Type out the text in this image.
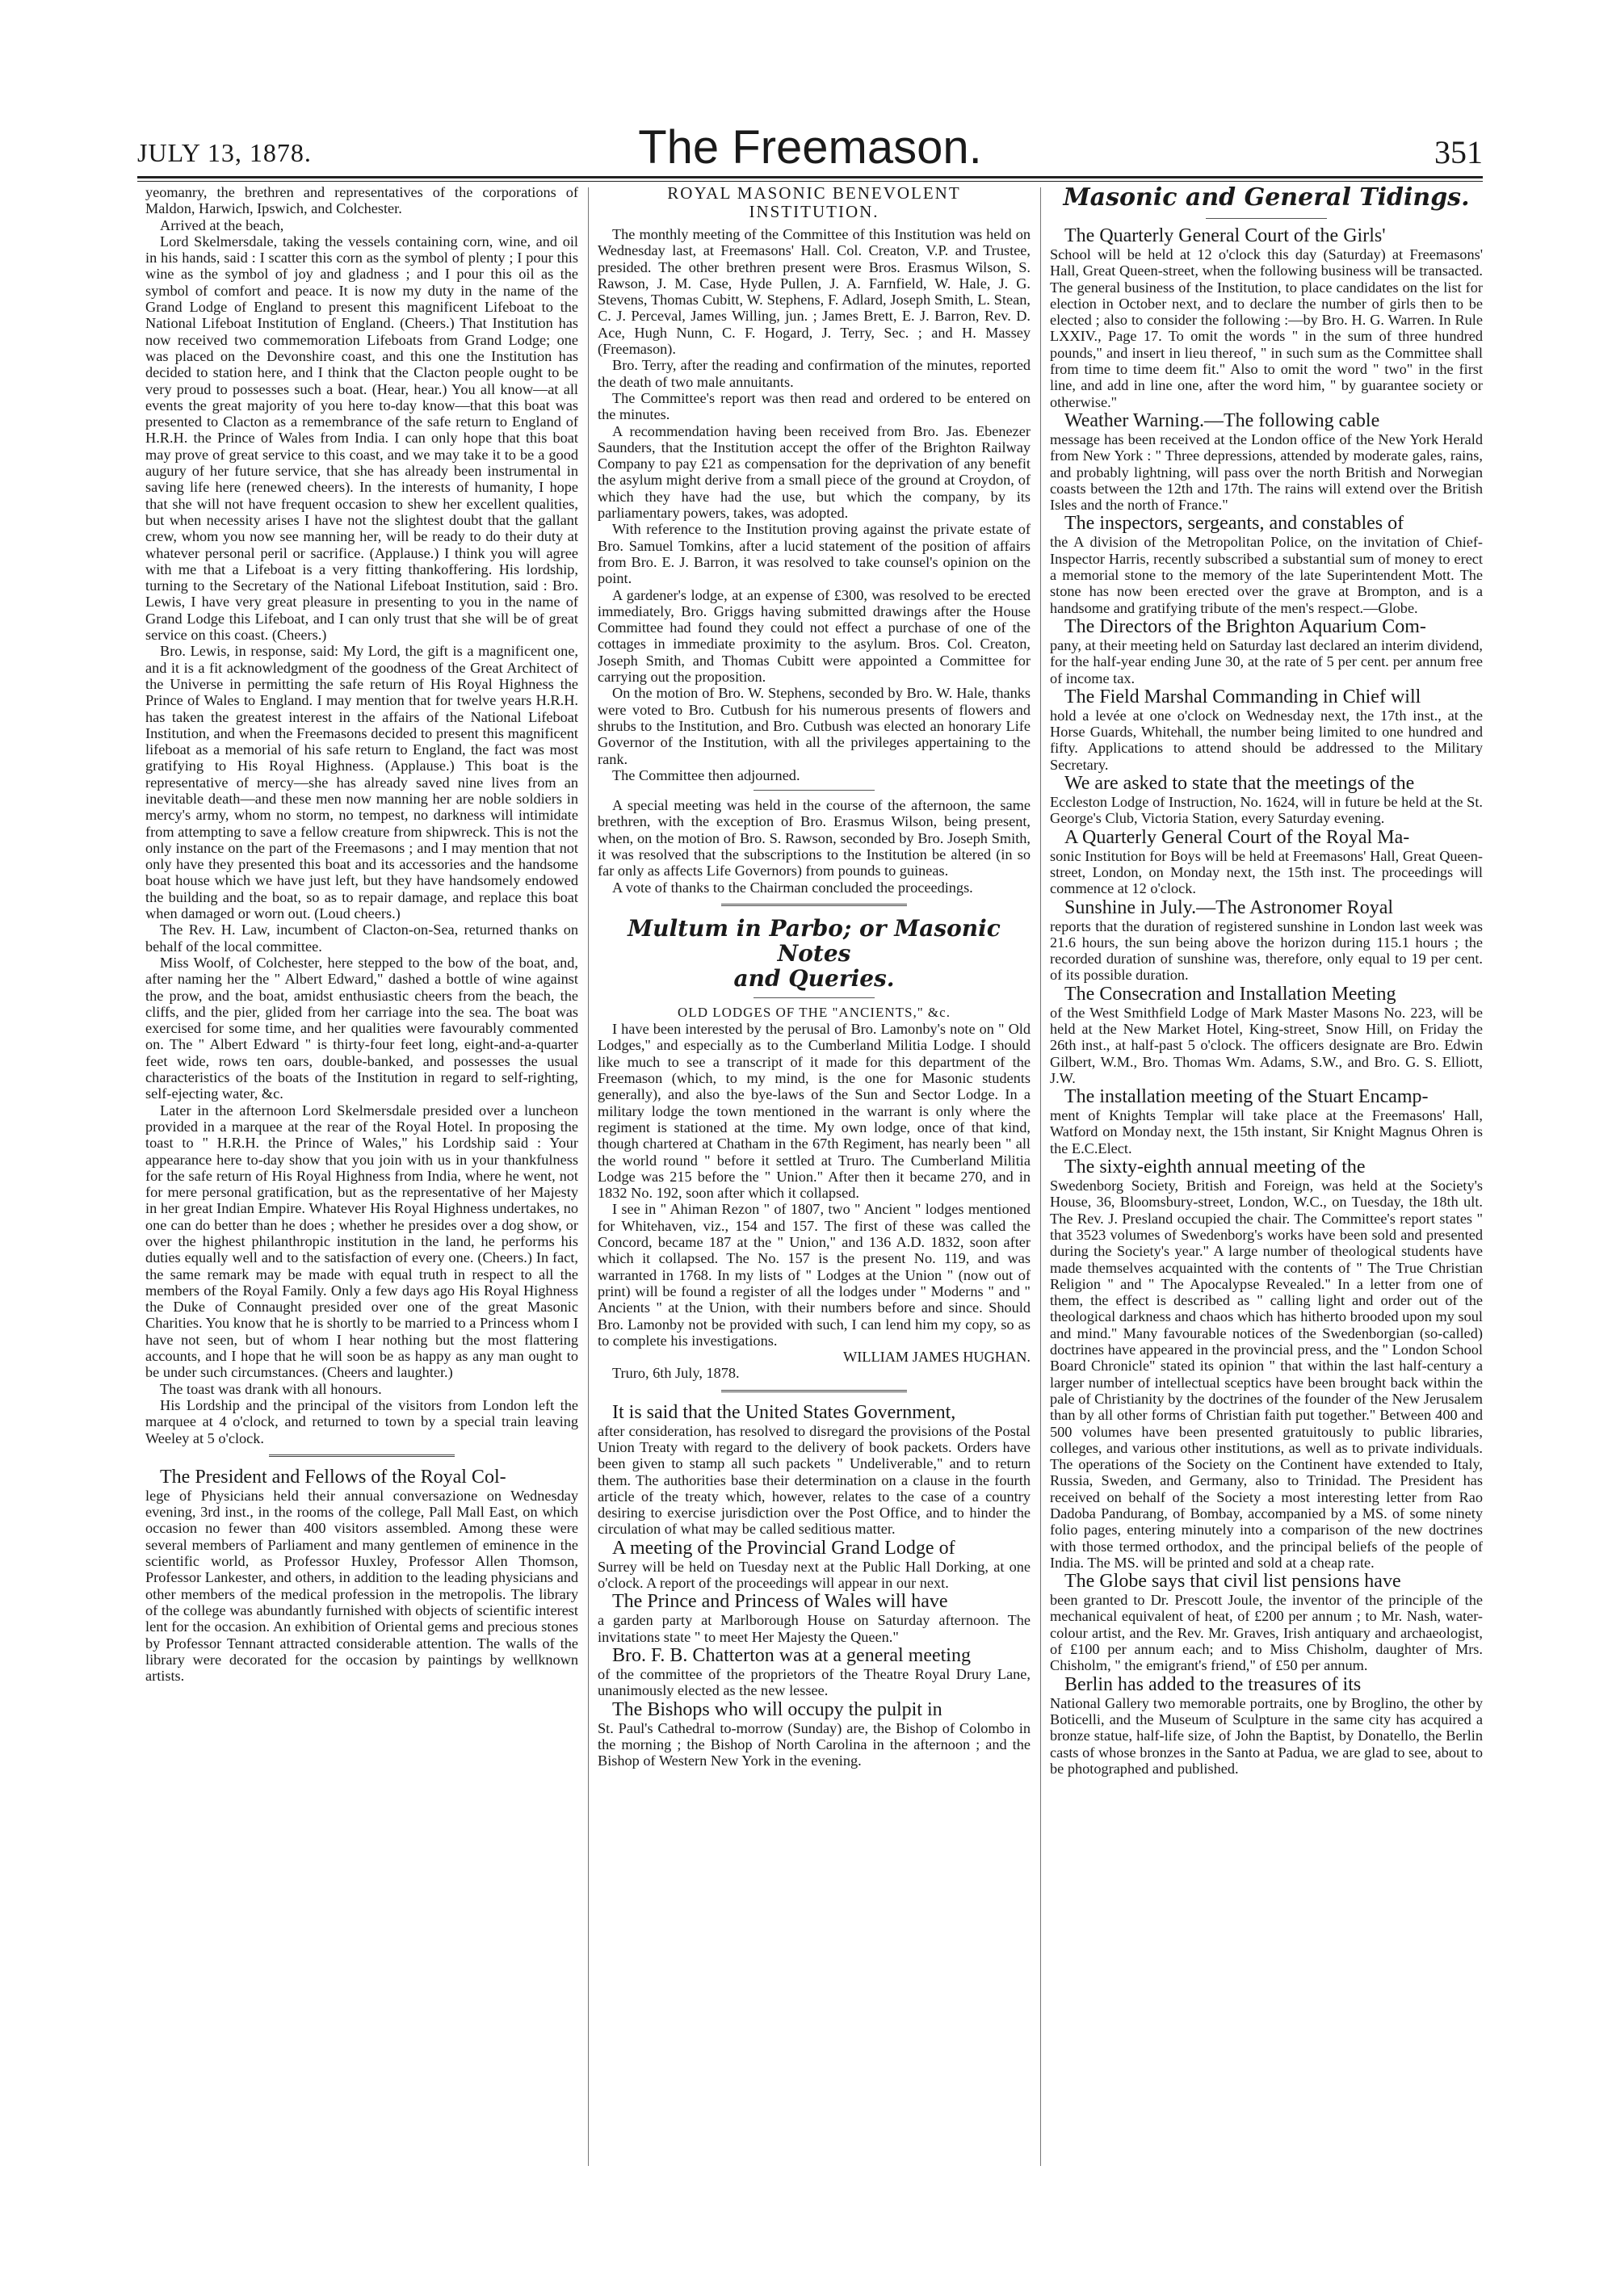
JULY 13, 1878.	The Freemason.	351

yeomanry, the brethren and representatives of the corporations of Maldon, Harwich, Ipswich, and Colchester.

Arrived at the beach,

Lord Skelmersdale, taking the vessels containing corn, wine, and oil in his hands, said : I scatter this corn as the symbol of plenty ; I pour this wine as the symbol of joy and gladness ; and I pour this oil as the symbol of comfort and peace. It is now my duty in the name of the Grand Lodge of England to present this magnificent Lifeboat to the National Lifeboat Institution of England. (Cheers.) That Institution has now received two commemoration Lifeboats from Grand Lodge; one was placed on the Devonshire coast, and this one the Institution has decided to station here, and I think that the Clacton people ought to be very proud to possesses such a boat. (Hear, hear.) You all know—at all events the great majority of you here to-day know—that this boat was presented to Clacton as a remembrance of the safe return to England of H.R.H. the Prince of Wales from India. I can only hope that this boat may prove of great service to this coast, and we may take it to be a good augury of her future service, that she has already been instrumental in saving life here (renewed cheers). In the interests of humanity, I hope that she will not have frequent occasion to shew her excellent qualities, but when necessity arises I have not the slightest doubt that the gallant crew, whom you now see manning her, will be ready to do their duty at whatever personal peril or sacrifice. (Applause.) I think you will agree with me that a Lifeboat is a very fitting thankoffering. His lordship, turning to the Secretary of the National Lifeboat Institution, said : Bro. Lewis, I have very great pleasure in presenting to you in the name of Grand Lodge this Lifeboat, and I can only trust that she will be of great service on this coast. (Cheers.)

Bro. Lewis, in response, said: My Lord, the gift is a magnificent one, and it is a fit acknowledgment of the goodness of the Great Architect of the Universe in permitting the safe return of His Royal Highness the Prince of Wales to England. I may mention that for twelve years H.R.H. has taken the greatest interest in the affairs of the National Lifeboat Institution, and when the Freemasons decided to present this magnificent lifeboat as a memorial of his safe return to England, the fact was most gratifying to His Royal Highness. (Applause.) This boat is the representative of mercy—she has already saved nine lives from an inevitable death—and these men now manning her are noble soldiers in mercy's army, whom no storm, no tempest, no darkness will intimidate from attempting to save a fellow creature from shipwreck. This is not the only instance on the part of the Freemasons ; and I may mention that not only have they presented this boat and its accessories and the handsome boat house which we have just left, but they have handsomely endowed the building and the boat, so as to repair damage, and replace this boat when damaged or worn out. (Loud cheers.)

The Rev. H. Law, incumbent of Clacton-on-Sea, returned thanks on behalf of the local committee.

Miss Woolf, of Colchester, here stepped to the bow of the boat, and, after naming her the " Albert Edward," dashed a bottle of wine against the prow, and the boat, amidst enthusiastic cheers from the beach, the cliffs, and the pier, glided from her carriage into the sea. The boat was exercised for some time, and her qualities were favourably commented on. The " Albert Edward " is thirty-four feet long, eight-and-a-quarter feet wide, rows ten oars, double-banked, and possesses the usual characteristics of the boats of the Institution in regard to self-righting, self-ejecting water, &c.

Later in the afternoon Lord Skelmersdale presided over a luncheon provided in a marquee at the rear of the Royal Hotel. In proposing the toast to " H.R.H. the Prince of Wales," his Lordship said : Your appearance here to-day show that you join with us in your thankfulness for the safe return of His Royal Highness from India, where he went, not for mere personal gratification, but as the representative of her Majesty in her great Indian Empire. Whatever His Royal Highness undertakes, no one can do better than he does ; whether he presides over a dog show, or over the highest philanthropic institution in the land, he performs his duties equally well and to the satisfaction of every one. (Cheers.) In fact, the same remark may be made with equal truth in respect to all the members of the Royal Family. Only a few days ago His Royal Highness the Duke of Connaught presided over one of the great Masonic Charities. You know that he is shortly to be married to a Princess whom I have not seen, but of whom I hear nothing but the most flattering accounts, and I hope that he will soon be as happy as any man ought to be under such circumstances. (Cheers and laughter.)

The toast was drank with all honours.

His Lordship and the principal of the visitors from London left the marquee at 4 o'clock, and returned to town by a special train leaving Weeley at 5 o'clock.

The President and Fellows of the Royal Col-

lege of Physicians held their annual conversazione on Wednesday evening, 3rd inst., in the rooms of the college, Pall Mall East, on which occasion no fewer than 400 visitors assembled. Among these were several members of Parliament and many gentlemen of eminence in the scientific world, as Professor Huxley, Professor Allen Thomson, Professor Lankester, and others, in addition to the leading physicians and other members of the medical profession in the metropolis. The library of the college was abundantly furnished with objects of scientific interest lent for the occasion. An exhibition of Oriental gems and precious stones by Professor Tennant attracted considerable attention. The walls of the library were decorated for the occasion by paintings by wellknown artists.

ROYAL MASONIC BENEVOLENT
INSTITUTION.

The monthly meeting of the Committee of this Institution was held on Wednesday last, at Freemasons' Hall. Col. Creaton, V.P. and Trustee, presided. The other brethren present were Bros. Erasmus Wilson, S. Rawson, J. M. Case, Hyde Pullen, J. A. Farnfield, W. Hale, J. G. Stevens, Thomas Cubitt, W. Stephens, F. Adlard, Joseph Smith, L. Stean, C. J. Perceval, James Willing, jun. ; James Brett, E. J. Barron, Rev. D. Ace, Hugh Nunn, C. F. Hogard, J. Terry, Sec. ; and H. Massey (Freemason).

Bro. Terry, after the reading and confirmation of the minutes, reported the death of two male annuitants.

The Committee's report was then read and ordered to be entered on the minutes.

A recommendation having been received from Bro. Jas. Ebenezer Saunders, that the Institution accept the offer of the Brighton Railway Company to pay £21 as compensation for the deprivation of any benefit the asylum might derive from a small piece of the ground at Croydon, of which they have had the use, but which the company, by its parliamentary powers, takes, was adopted.

With reference to the Institution proving against the private estate of Bro. Samuel Tomkins, after a lucid statement of the position of affairs from Bro. E. J. Barron, it was resolved to take counsel's opinion on the point.

A gardener's lodge, at an expense of £300, was resolved to be erected immediately, Bro. Griggs having submitted drawings after the House Committee had found they could not effect a purchase of one of the cottages in immediate proximity to the asylum. Bros. Col. Creaton, Joseph Smith, and Thomas Cubitt were appointed a Committee for carrying out the proposition.

On the motion of Bro. W. Stephens, seconded by Bro. W. Hale, thanks were voted to Bro. Cutbush for his numerous presents of flowers and shrubs to the Institution, and Bro. Cutbush was elected an honorary Life Governor of the Institution, with all the privileges appertaining to the rank.

The Committee then adjourned.

A special meeting was held in the course of the afternoon, the same brethren, with the exception of Bro. Erasmus Wilson, being present, when, on the motion of Bro. S. Rawson, seconded by Bro. Joseph Smith, it was resolved that the subscriptions to the Institution be altered (in so far only as affects Life Governors) from pounds to guineas.

A vote of thanks to the Chairman concluded the proceedings.

Multum in Parbo; or Masonic Notes
and Queries.
OLD LODGES OF THE "ANCIENTS," &c.

I have been interested by the perusal of Bro. Lamonby's note on " Old Lodges," and especially as to the Cumberland Militia Lodge. I should like much to see a transcript of it made for this department of the Freemason (which, to my mind, is the one for Masonic students generally), and also the bye-laws of the Sun and Sector Lodge. In a military lodge the town mentioned in the warrant is only where the regiment is stationed at the time. My own lodge, once of that kind, though chartered at Chatham in the 67th Regiment, has nearly been " all the world round " before it settled at Truro. The Cumberland Militia Lodge was 215 before the " Union." After then it became 270, and in 1832 No. 192, soon after which it collapsed.

I see in " Ahiman Rezon " of 1807, two " Ancient " lodges mentioned for Whitehaven, viz., 154 and 157. The first of these was called the Concord, became 187 at the " Union," and 136 A.D. 1832, soon after which it collapsed. The No. 157 is the present No. 119, and was warranted in 1768. In my lists of " Lodges at the Union " (now out of print) will be found a register of all the lodges under " Moderns " and " Ancients " at the Union, with their numbers before and since. Should Bro. Lamonby not be provided with such, I can lend him my copy, so as to complete his investigations.

WILLIAM JAMES HUGHAN.

Truro, 6th July, 1878.

It is said that the United States Government,

after consideration, has resolved to disregard the provisions of the Postal Union Treaty with regard to the delivery of book packets. Orders have been given to stamp all such packets " Undeliverable," and to return them. The authorities base their determination on a clause in the fourth article of the treaty which, however, relates to the case of a country desiring to exercise jurisdiction over the Post Office, and to hinder the circulation of what may be called seditious matter.

A meeting of the Provincial Grand Lodge of

Surrey will be held on Tuesday next at the Public Hall Dorking, at one o'clock. A report of the proceedings will appear in our next.

The Prince and Princess of Wales will have

a garden party at Marlborough House on Saturday afternoon. The invitations state " to meet Her Majesty the Queen."

Bro. F. B. Chatterton was at a general meeting

of the committee of the proprietors of the Theatre Royal Drury Lane, unanimously elected as the new lessee.

The Bishops who will occupy the pulpit in

St. Paul's Cathedral to-morrow (Sunday) are, the Bishop of Colombo in the morning ; the Bishop of North Carolina in the afternoon ; and the Bishop of Western New York in the evening.

Masonic and General Tidings.

The Quarterly General Court of the Girls'

School will be held at 12 o'clock this day (Saturday) at Freemasons' Hall, Great Queen-street, when the following business will be transacted. The general business of the Institution, to place candidates on the list for election in October next, and to declare the number of girls then to be elected ; also to consider the following :—by Bro. H. G. Warren. In Rule LXXIV., Page 17. To omit the words " in the sum of three hundred pounds," and insert in lieu thereof, " in such sum as the Committee shall from time to time deem fit." Also to omit the word " two" in the first line, and add in line one, after the word him, " by guarantee society or otherwise."

Weather Warning.—The following cable

message has been received at the London office of the New York Herald from New York : " Three depressions, attended by moderate gales, rains, and probably lightning, will pass over the north British and Norwegian coasts between the 12th and 17th. The rains will extend over the British Isles and the north of France."

The inspectors, sergeants, and constables of

the A division of the Metropolitan Police, on the invitation of Chief-Inspector Harris, recently subscribed a substantial sum of money to erect a memorial stone to the memory of the late Superintendent Mott. The stone has now been erected over the grave at Brompton, and is a handsome and gratifying tribute of the men's respect.—Globe.

The Directors of the Brighton Aquarium Com-

pany, at their meeting held on Saturday last declared an interim dividend, for the half-year ending June 30, at the rate of 5 per cent. per annum free of income tax.

The Field Marshal Commanding in Chief will

hold a levée at one o'clock on Wednesday next, the 17th inst., at the Horse Guards, Whitehall, the number being limited to one hundred and fifty. Applications to attend should be addressed to the Military Secretary.

We are asked to state that the meetings of the

Eccleston Lodge of Instruction, No. 1624, will in future be held at the St. George's Club, Victoria Station, every Saturday evening.

A Quarterly General Court of the Royal Ma-

sonic Institution for Boys will be held at Freemasons' Hall, Great Queen-street, London, on Monday next, the 15th inst. The proceedings will commence at 12 o'clock.

Sunshine in July.—The Astronomer Royal

reports that the duration of registered sunshine in London last week was 21.6 hours, the sun being above the horizon during 115.1 hours ; the recorded duration of sunshine was, therefore, only equal to 19 per cent. of its possible duration.

The Consecration and Installation Meeting

of the West Smithfield Lodge of Mark Master Masons No. 223, will be held at the New Market Hotel, King-street, Snow Hill, on Friday the 26th inst., at half-past 5 o'clock. The officers designate are Bro. Edwin Gilbert, W.M., Bro. Thomas Wm. Adams, S.W., and Bro. G. S. Elliott, J.W.

The installation meeting of the Stuart Encamp-

ment of Knights Templar will take place at the Freemasons' Hall, Watford on Monday next, the 15th instant, Sir Knight Magnus Ohren is the E.C.Elect.

The sixty-eighth annual meeting of the

Swedenborg Society, British and Foreign, was held at the Society's House, 36, Bloomsbury-street, London, W.C., on Tuesday, the 18th ult. The Rev. J. Presland occupied the chair. The Committee's report states " that 3523 volumes of Swedenborg's works have been sold and presented during the Society's year." A large number of theological students have made themselves acquainted with the contents of " The True Christian Religion " and " The Apocalypse Revealed." In a letter from one of them, the effect is described as " calling light and order out of the theological darkness and chaos which has hitherto brooded upon my soul and mind." Many favourable notices of the Swedenborgian (so-called) doctrines have appeared in the provincial press, and the " London School Board Chronicle" stated its opinion " that within the last half-century a larger number of intellectual sceptics have been brought back within the pale of Christianity by the doctrines of the founder of the New Jerusalem than by all other forms of Christian faith put together." Between 400 and 500 volumes have been presented gratuitously to public libraries, colleges, and various other institutions, as well as to private individuals. The operations of the Society on the Continent have extended to Italy, Russia, Sweden, and Germany, also to Trinidad. The President has received on behalf of the Society a most interesting letter from Rao Dadoba Pandurang, of Bombay, accompanied by a MS. of some ninety folio pages, entering minutely into a comparison of the new doctrines with those termed orthodox, and the principal beliefs of the people of India. The MS. will be printed and sold at a cheap rate.

The Globe says that civil list pensions have

been granted to Dr. Prescott Joule, the inventor of the principle of the mechanical equivalent of heat, of £200 per annum ; to Mr. Nash, water-colour artist, and the Rev. Mr. Graves, Irish antiquary and archaeologist, of £100 per annum each; and to Miss Chisholm, daughter of Mrs. Chisholm, " the emigrant's friend," of £50 per annum.

Berlin has added to the treasures of its

National Gallery two memorable portraits, one by Broglino, the other by Boticelli, and the Museum of Sculpture in the same city has acquired a bronze statue, half-life size, of John the Baptist, by Donatello, the Berlin casts of whose bronzes in the Santo at Padua, we are glad to see, about to be photographed and published.
